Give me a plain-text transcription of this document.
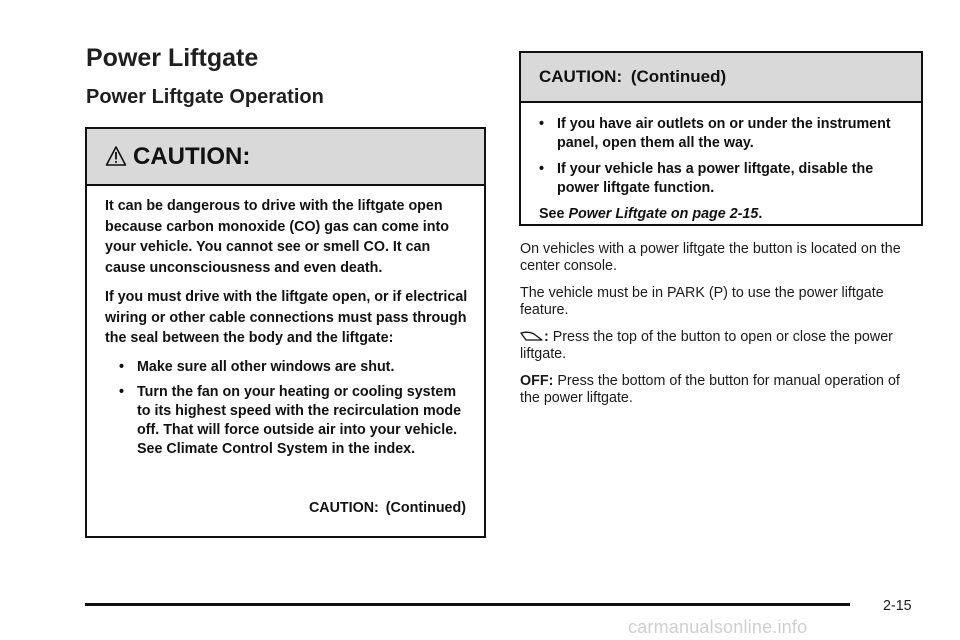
Power Liftgate
Power Liftgate Operation
CAUTION:

It can be dangerous to drive with the liftgate open because carbon monoxide (CO) gas can come into your vehicle. You cannot see or smell CO. It can cause unconsciousness and even death.

If you must drive with the liftgate open, or if electrical wiring or other cable connections must pass through the seal between the body and the liftgate:

• Make sure all other windows are shut.
• Turn the fan on your heating or cooling system to its highest speed with the recirculation mode off. That will force outside air into your vehicle. See Climate Control System in the index.
CAUTION: (Continued)
CAUTION: (Continued)
• If you have air outlets on or under the instrument panel, open them all the way.
• If your vehicle has a power liftgate, disable the power liftgate function.
See Power Liftgate on page 2-15.

On vehicles with a power liftgate the button is located on the center console.

The vehicle must be in PARK (P) to use the power liftgate feature.

: Press the top of the button to open or close the power liftgate.

OFF: Press the bottom of the button for manual operation of the power liftgate.

2-15
carmanualsonline.info
